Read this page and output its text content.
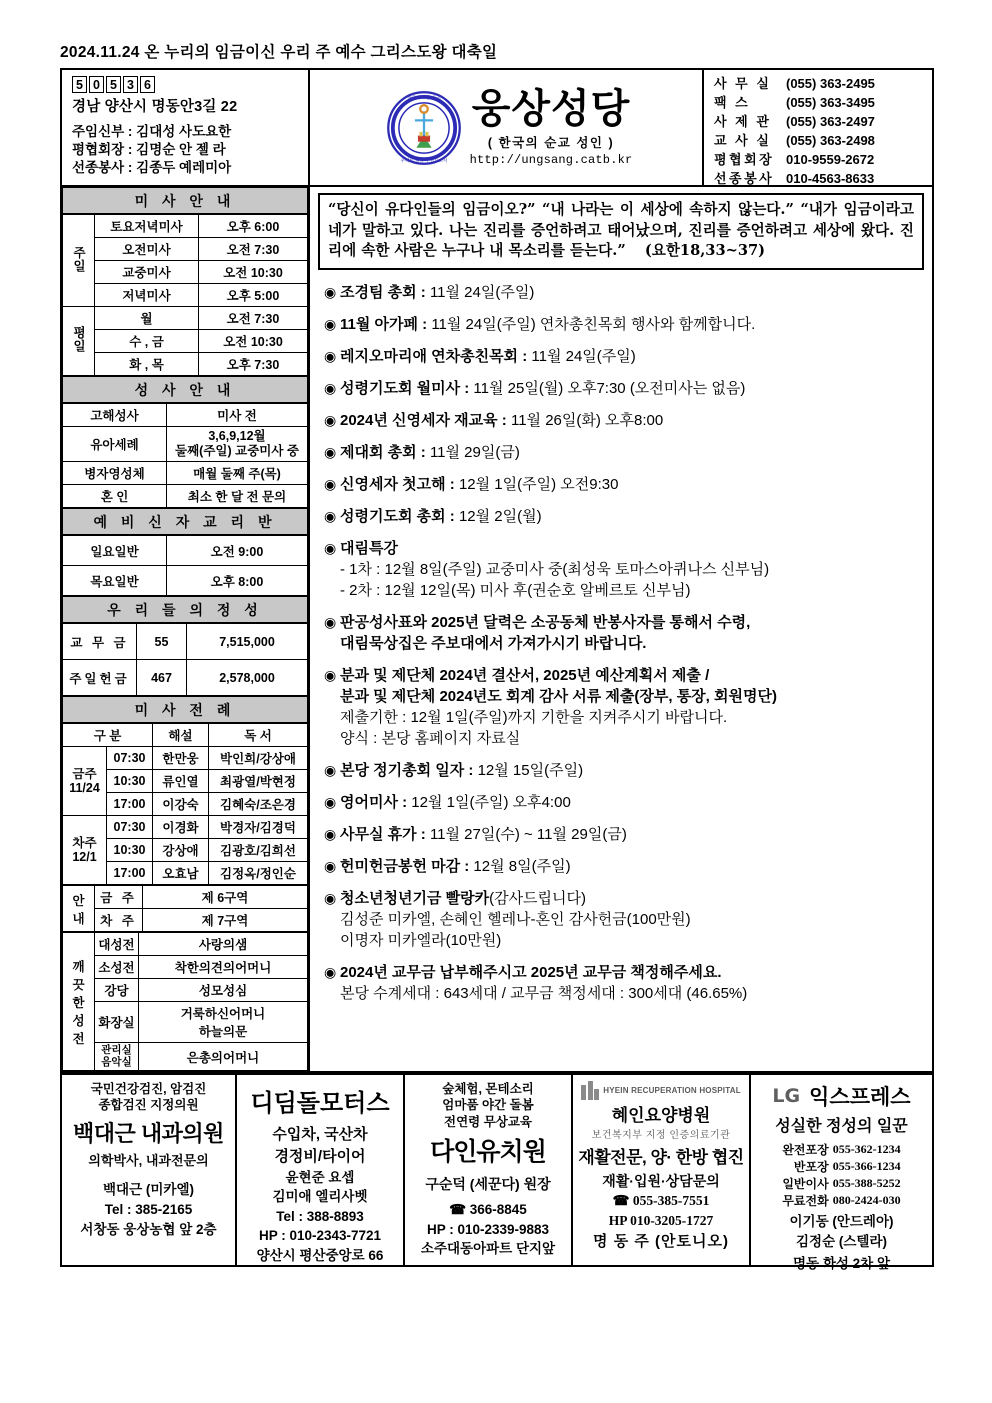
2024.11.24 온 누리의 임금이신 우리 주 예수 그리스도왕 대축일
5 0 5 3 6
경남 양산시 명동안3길 22
주임신부 : 김대성 사도요한
평협회장 : 김명순 안 젤 라
선종봉사 : 김종두 예레미아
한국의 모든 순교
우리를 위하여 빌으소서
웅상성당
( 한국의 순교 성인 )
http://ungsang.catb.kr
사 무 실	(055) 363-2495
팩 스	(055) 363-3495
사 제 관	(055) 363-2497
교 사 실	(055) 363-2498
평협회장	010-9559-2672
선종봉사	010-4563-8633
미 사 안 내
주일	토요저녁미사	오후 6:00
	오전미사	오전 7:30
	교중미사	오전 10:30
	저녁미사	오후 5:00
평일	월	오전 7:30
	수 , 금	오전 10:30
	화 , 목	오후 7:30
성 사 안 내
고해성사	미사 전
유아세례	3,6,9,12월
둘째(주일) 교중미사 중

병자영성체	매월 둘째 주(목)
혼 인	최소 한 달 전 문의
예 비 신 자 교 리 반
일요일반	오전 9:00
목요일반	오후 8:00
우 리 들 의 정 성
교 무 금	55	7,515,000
주일헌금	467	2,578,000
미 사 전 례
구 분		해설	독 서

금주
11/24	07:30	한만웅	박인희/강상애
	10:30	류인열	최광열/박현정
	17:00	이강숙	김혜숙/조은경

차주
12/1	07:30	이경화	박경자/김경덕
	10:30	강상애	김광호/김희선
	17:00	오효남	김정옥/정인순
안
내	금 주	제 6구역
	차 주	제 7구역
깨
끗
한
성
전	대성전	사랑의샘
	소성전	착한의견의어머니
	강당	성모성심
	화장실	거룩하신어머니
하늘의문

	관리실
음악실	은총의어머니
“당신이 유다인들의 임금이오?” “내 나라는 이 세상에 속하지 않는다.” “내가 임금이라고 네가 말하고 있다. 나는 진리를 증언하려고 태어났으며, 진리를 증언하려고 세상에 왔다. 진리에 속한 사람은 누구나 내 목소리를 듣는다.” (요한18,33~37)
◉ 조경팀 총회 : 11월 24일(주일)
◉ 11월 아가페 : 11월 24일(주일) 연차총친목회 행사와 함께합니다.
◉ 레지오마리애 연차총친목회 : 11월 24일(주일)
◉ 성령기도회 월미사 : 11월 25일(월) 오후7:30 (오전미사는 없음)
◉ 2024년 신영세자 재교육 : 11월 26일(화) 오후8:00
◉ 제대회 총회 : 11월 29일(금)
◉ 신영세자 첫고해 : 12월 1일(주일) 오전9:30
◉ 성령기도회 총회 : 12월 2일(월)
◉ 대림특강
- 1차 : 12월 8일(주일) 교중미사 중(최성욱 토마스아퀴나스 신부님)
- 2차 : 12월 12일(목) 미사 후(권순호 알베르토 신부님)
◉ 판공성사표와 2025년 달력은 소공동체 반봉사자를 통해서 수령,
대림묵상집은 주보대에서 가져가시기 바랍니다.
◉ 분과 및 제단체 2024년 결산서, 2025년 예산계획서 제출 /
분과 및 제단체 2024년도 회계 감사 서류 제출(장부, 통장, 회원명단)
제출기한 : 12월 1일(주일)까지 기한을 지켜주시기 바랍니다.
양식 : 본당 홈페이지 자료실
◉ 본당 정기총회 일자 : 12월 15일(주일)
◉ 영어미사 : 12월 1일(주일) 오후4:00
◉ 사무실 휴가 : 11월 27일(수) ~ 11월 29일(금)
◉ 헌미헌금봉헌 마감 : 12월 8일(주일)
◉ 청소년청년기금 빨랑카(감사드립니다)
김성준 미카엘, 손혜인 헬레나-혼인 감사헌금(100만원)
이명자 미카엘라(10만원)
◉ 2024년 교무금 납부해주시고 2025년 교무금 책정해주세요.
본당 수계세대 : 643세대 / 교무금 책정세대 : 300세대 (46.65%)
국민건강검진, 암검진
종합검진 지정의원
백대근 내과의원
의학박사, 내과전문의
백대근 (미카엘)
Tel : 385-2165
서창동 웅상농협 앞 2층
디딤돌모터스
수입차, 국산차
경정비/타이어
윤현준 요셉
김미애 엘리사벳
Tel : 388-8893
HP : 010-2343-7721
양산시 평산중앙로 66
숲체험, 몬테소리
엄마품 야간 돌봄
전연령 무상교육
다인유치원
구순덕 (세꾼다) 원장
☎ 366-8845
HP : 010-2339-9883
소주대동아파트 단지앞
HYEIN RECUPERATION HOSPITAL
혜인요양병원
보건복지부 지정 인증의료기관
재활전문, 양· 한방 협진
재활·입원·상담문의
☎ 055-385-7551
HP 010-3205-1727
명 동 주 (안토니오)
LG 익스프레스
성실한 정성의 일꾼
완전포장	055-362-1234
반포장	055-366-1234
일반이사	055-388-5252
무료전화	080-2424-030
이기동 (안드레아)
김정순 (스텔라)
명동 화성 2차 앞
